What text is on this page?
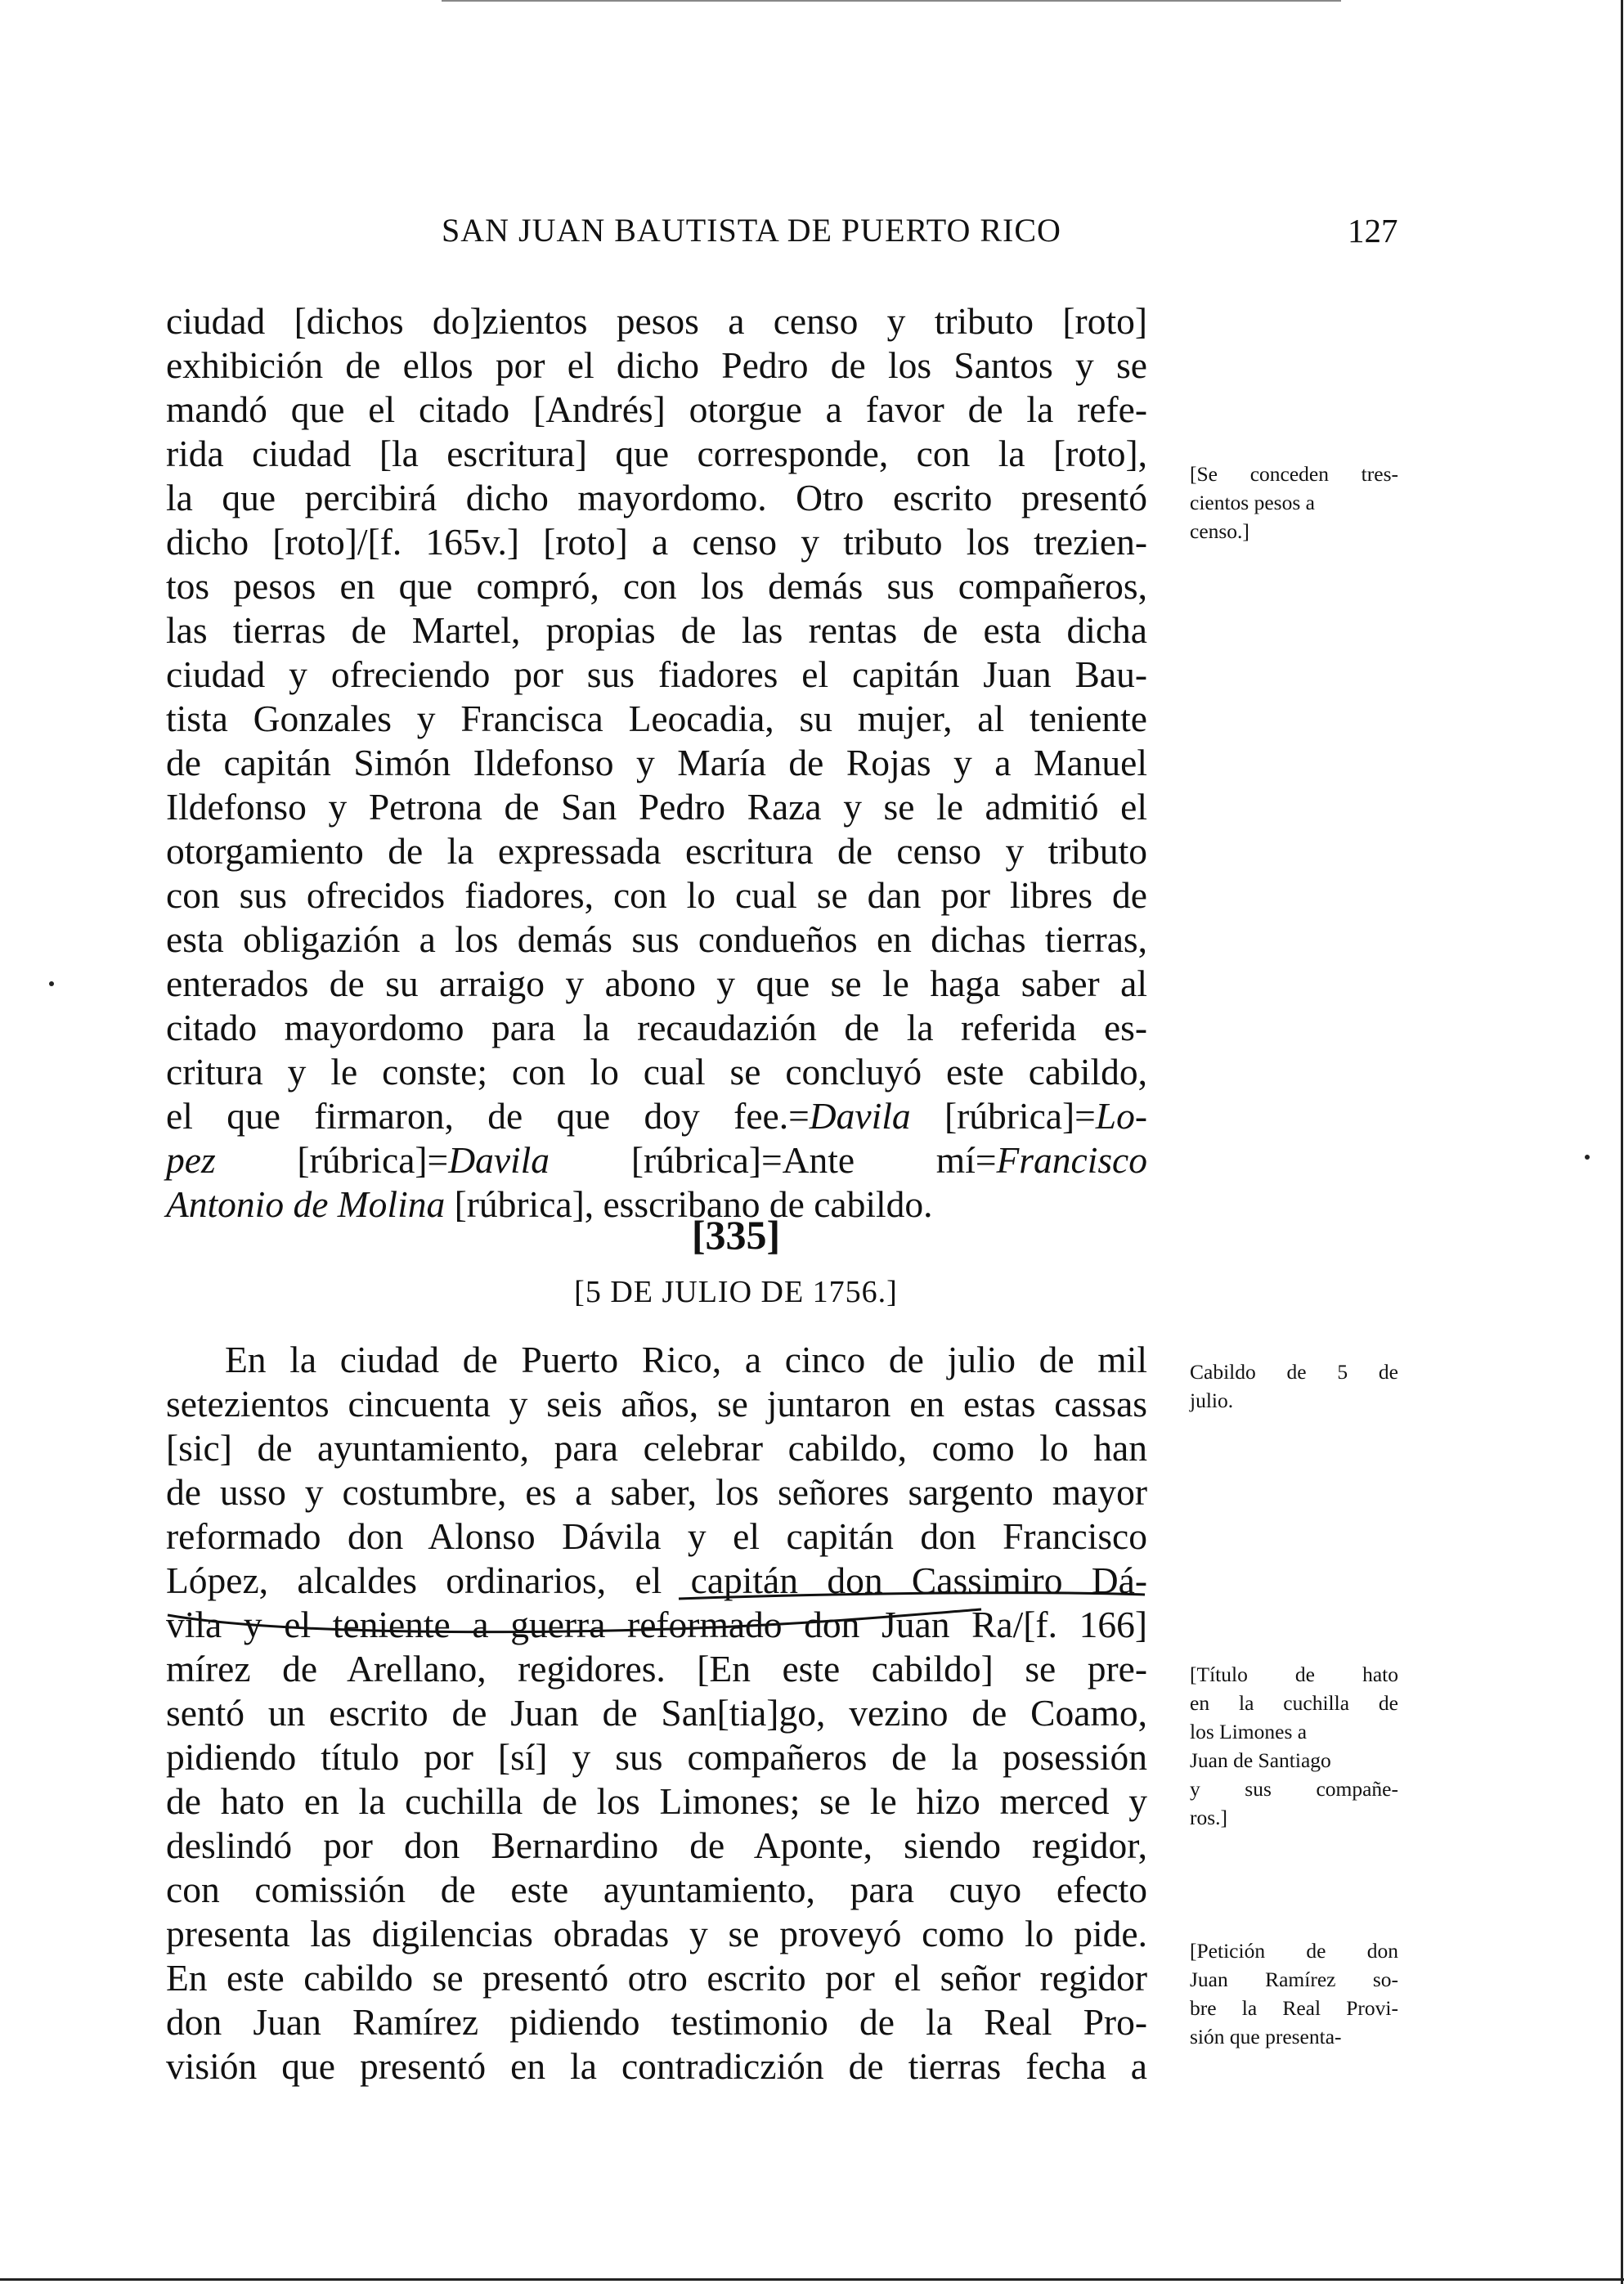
SAN JUAN BAUTISTA DE PUERTO RICO	127
ciudad [dichos do]zientos pesos a censo y tributo [roto]
exhibición de ellos por el dicho Pedro de los Santos y se
mandó que el citado [Andrés] otorgue a favor de la refe-
rida ciudad [la escritura] que corresponde, con la [roto],
la que percibirá dicho mayordomo. Otro escrito presentó
dicho [roto]/[f. 165v.] [roto] a censo y tributo los trezien-
tos pesos en que compró, con los demás sus compañeros,
las tierras de Martel, propias de las rentas de esta dicha
ciudad y ofreciendo por sus fiadores el capitán Juan Bau-
tista Gonzales y Francisca Leocadia, su mujer, al teniente
de capitán Simón Ildefonso y María de Rojas y a Manuel
Ildefonso y Petrona de San Pedro Raza y se le admitió el
otorgamiento de la expressada escritura de censo y tributo
con sus ofrecidos fiadores, con lo cual se dan por libres de
esta obligazión a los demás sus condueños en dichas tierras,
enterados de su arraigo y abono y que se le haga saber al
citado mayordomo para la recaudazión de la referida es-
critura y le conste; con lo cual se concluyó este cabildo,
el que firmaron, de que doy fee.=Davila [rúbrica]=Lo-
pez [rúbrica]=Davila [rúbrica]=Ante mí=Francisco
[335]
[5 DE JULIO DE 1756.]
En la ciudad de Puerto Rico, a cinco de julio de mil
setezientos cincuenta y seis años, se juntaron en estas cassas
[sic] de ayuntamiento, para celebrar cabildo, como lo han
de usso y costumbre, es a saber, los señores sargento mayor
reformado don Alonso Dávila y el capitán don Francisco
López, alcaldes ordinarios, el capitán don Cassimiro Dá-
vila y el teniente a guerra reformado don Juan Ra/[f. 166]
mírez de Arellano, regidores. [En este cabildo] se pre-
sentó un escrito de Juan de San[tia]go, vezino de Coamo,
pidiendo título por [sí] y sus compañeros de la posessión
de hato en la cuchilla de los Limones; se le hizo merced y
deslindó por don Bernardino de Aponte, siendo regidor,
con comissión de este ayuntamiento, para cuyo efecto
presenta las digilencias obradas y se proveyó como lo pide.
En este cabildo se presentó otro escrito por el señor regidor
don Juan Ramírez pidiendo testimonio de la Real Pro-
visión que presentó en la contradiczión de tierras fecha a
[Se conceden tres-
cientos pesos a
censo.]
Cabildo de 5 de
julio.
[Título de hato
en la cuchilla de
los Limones a
Juan de Santiago
y sus compañe-
ros.]
[Petición de don
Juan Ramírez so-
bre la Real Provi-
sión que presenta-
Antonio de Molina [rúbrica], esscribano de cabildo.
